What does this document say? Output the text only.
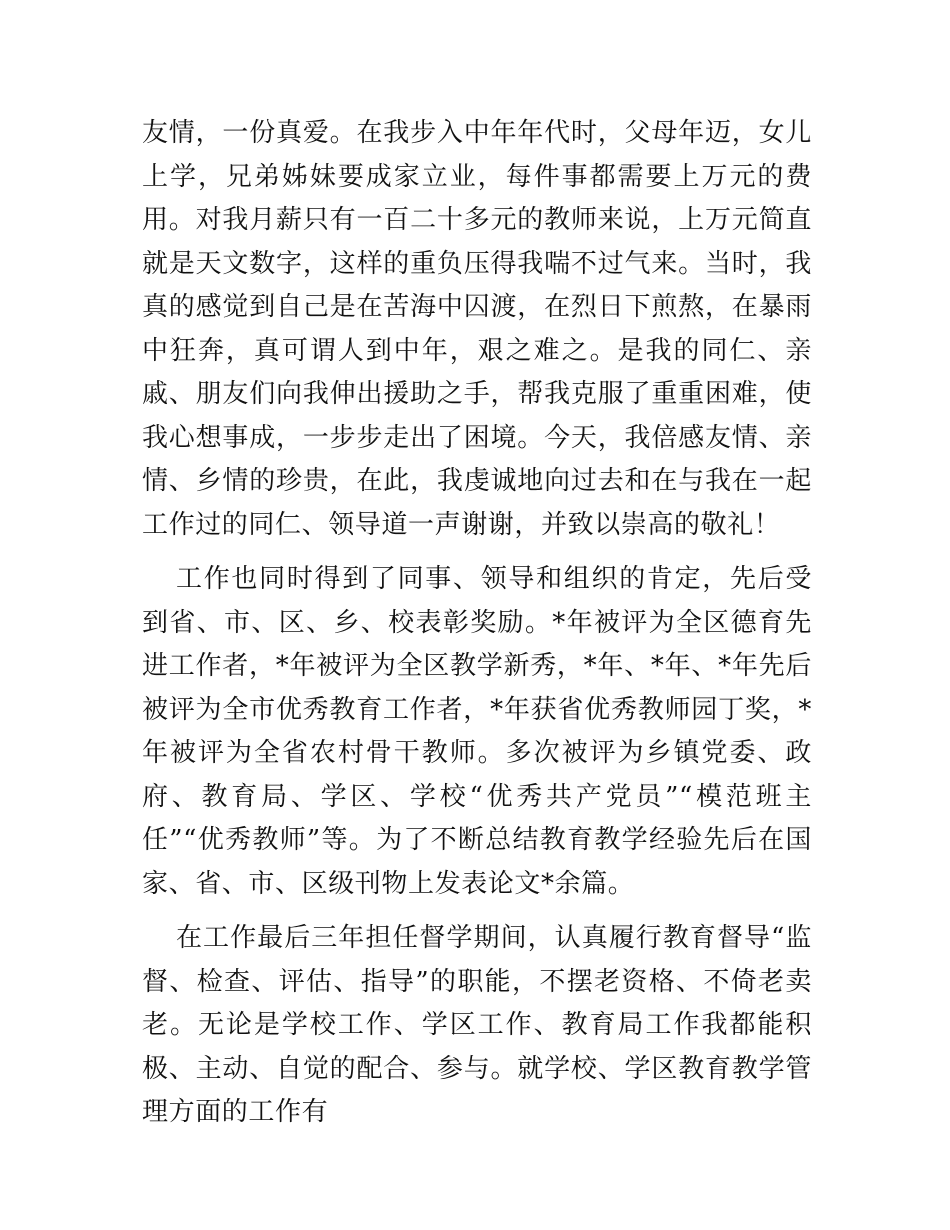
友情，一份真爱。在我步入中年年代时，父母年迈，女儿上学，兄弟姊妹要成家立业，每件事都需要上万元的费用。对我月薪只有一百二十多元的教师来说，上万元简直就是天文数字，这样的重负压得我喘不过气来。当时，我真的感觉到自己是在苦海中囚渡，在烈日下煎熬，在暴雨中狂奔，真可谓人到中年，艰之难之。是我的同仁、亲戚、朋友们向我伸出援助之手，帮我克服了重重困难，使我心想事成，一步步走出了困境。今天，我倍感友情、亲情、乡情的珍贵，在此，我虔诚地向过去和在与我在一起工作过的同仁、领导道一声谢谢，并致以崇高的敬礼！

工作也同时得到了同事、领导和组织的肯定，先后受到省、市、区、乡、校表彰奖励。*年被评为全区德育先进工作者，*年被评为全区教学新秀，*年、*年、*年先后被评为全市优秀教育工作者，*年获省优秀教师园丁奖，*年被评为全省农村骨干教师。多次被评为乡镇党委、政府、教育局、学区、学校“优秀共产党员”“模范班主任”“优秀教师”等。为了不断总结教育教学经验先后在国家、省、市、区级刊物上发表论文*余篇。

在工作最后三年担任督学期间，认真履行教育督导“监督、检查、评估、指导”的职能，不摆老资格、不倚老卖老。无论是学校工作、学区工作、教育局工作我都能积极、主动、自觉的配合、参与。就学校、学区教育教学管理方面的工作有
